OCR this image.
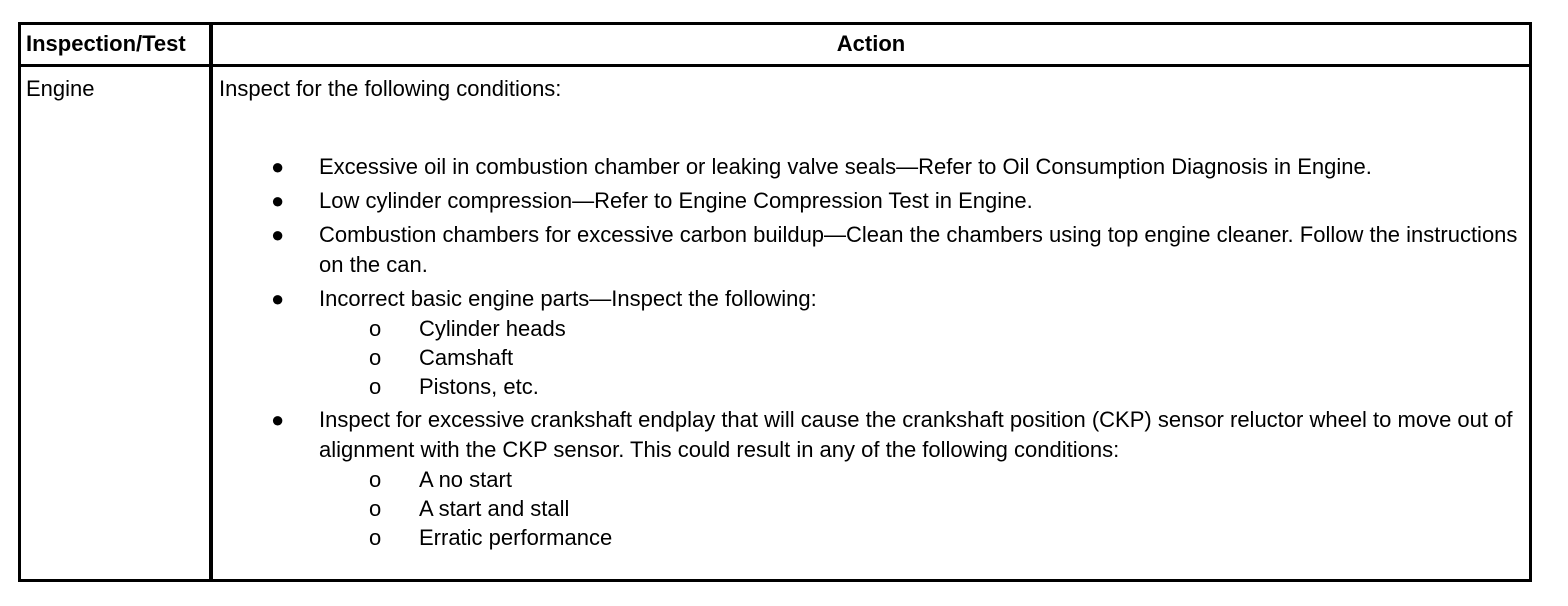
Inspection/Test	Action
Engine	Inspect for the following conditions:

● Excessive oil in combustion chamber or leaking valve seals—Refer to Oil Consumption Diagnosis in Engine.
● Low cylinder compression—Refer to Engine Compression Test in Engine.
● Combustion chambers for excessive carbon buildup—Clean the chambers using top engine cleaner. Follow the instructions on the can.
● Incorrect basic engine parts—Inspect the following:
o Cylinder heads
o Camshaft
o Pistons, etc.
● Inspect for excessive crankshaft endplay that will cause the crankshaft position (CKP) sensor reluctor wheel to move out of alignment with the CKP sensor. This could result in any of the following conditions:
o A no start
o A start and stall
o Erratic performance
